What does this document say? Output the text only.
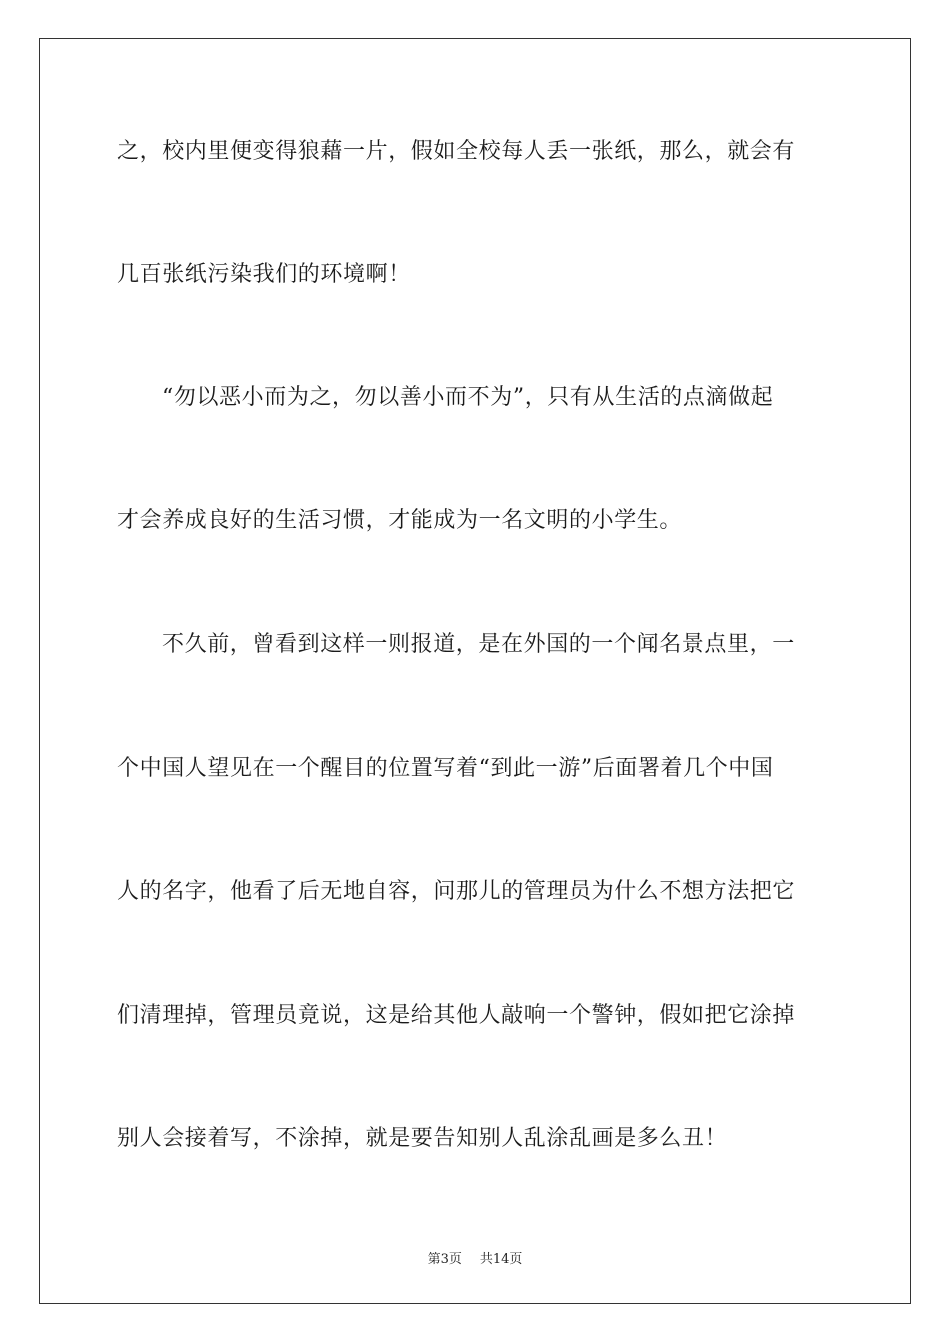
之，校内里便变得狼藉一片，假如全校每人丢一张纸，那么，就会有
几百张纸污染我们的环境啊！
“勿以恶小而为之，勿以善小而不为”，只有从生活的点滴做起
才会养成良好的生活习惯，才能成为一名文明的小学生。
不久前，曾看到这样一则报道，是在外国的一个闻名景点里，一
个中国人望见在一个醒目的位置写着“到此一游”后面署着几个中国
人的名字，他看了后无地自容，问那儿的管理员为什么不想方法把它
们清理掉，管理员竟说，这是给其他人敲响一个警钟，假如把它涂掉
别人会接着写，不涂掉，就是要告知别人乱涂乱画是多么丑！
第3页 共14页
